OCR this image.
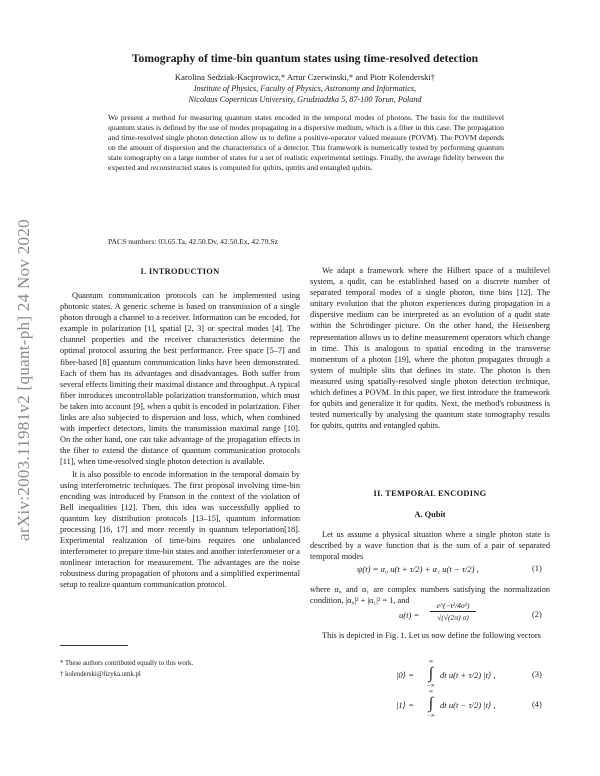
arXiv:2003.11981v2 [quant-ph] 24 Nov 2020
Tomography of time-bin quantum states using time-resolved detection
Karolina Sedziak-Kacprowicz,* Artur Czerwinski,* and Piotr Kolenderski†
Institute of Physics, Faculty of Physics, Astronomy and Informatics,
Nicolaus Copernicus University, Grudziadzka 5, 87-100 Torun, Poland

We present a method for measuring quantum states encoded in the temporal modes of photons. The basis for the multilevel quantum states is defined by the use of modes propagating in a dispersive medium, which is a fiber in this case. The propagation and time-resolved single photon detection allow us to define a positive-operator valued measure (POVM). The POVM depends on the amount of dispersion and the characteristics of a detector. This framework is numerically tested by performing quantum state tomography on a large number of states for a set of realistic experimental settings. Finally, the average fidelity between the expected and reconstructed states is computed for qubits, qutrits and entangled qubits.

PACS numbers: 03.65.Ta, 42.50.Dv, 42.50.Ex, 42.79.Sz
I. INTRODUCTION

Quantum communication protocols can be implemented using photonic states. A generic scheme is based on transmission of a single photon through a channel to a receiver. Information can be encoded, for example in polarization [1], spatial [2, 3] or spectral modes [4]. The channel properties and the receiver characteristics determine the optimal protocol assuring the best performance. Free space [5–7] and fiber-based [8] quantum communication links have been demonstrated. Each of them has its advantages and disadvantages. Both suffer from several effects limiting their maximal distance and throughput. A typical fiber introduces uncontrollable polarization transformation, which must be taken into account [9], when a qubit is encoded in polarization. Fiber links are also subjected to dispersion and loss, which, when combined with imperfect detectors, limits the transmission maximal range [10]. On the other hand, one can take advantage of the propagation effects in the fiber to extend the distance of quantum communication protocols [11], when time-resolved single photon detection is available.

It is also possible to encode information in the temporal domain by using interferometric techniques. The first proposal involving time-bin encoding was introduced by Franson in the context of the violation of Bell inequalities [12]. Then, this idea was successfully applied to quantum key distribution protocols [13–15], quantum information processing [16, 17] and more recently in quantum teleportation[18]. Experimental realization of time-bins requires one unbalanced interferometer to prepare time-bin states and another interferometer or a nonlinear interaction for measurement. The advantages are the noise robustness during propagation of photons and a simplified experimental setup to realize quantum communication protocol.

* These authors contributed equally to this work.
† kolenderski@fizyka.umk.pl

We adapt a framework where the Hilbert space of a multilevel system, a qudit, can be established based on a discrete number of separated temporal modes of a single photon, time bins [12]. The unitary evolution that the photon experiences during propagation in a dispersive medium can be interpreted as an evolution of a qudit state within the Schrödinger picture. On the other hand, the Heisenberg representation allows us to define measurement operators which change in time. This is analogous to spatial encoding in the transverse momentum of a photon [19], where the photon propagates through a system of multiple slits that defines its state. The photon is then measured using spatially-resolved single photon detection technique, which defines a POVM. In this paper, we first introduce the framework for qubits and generalize it for qudits. Next, the method's robustness is tested numerically by analysing the quantum state tomography results for qubits, qutrits and entangled qubits.

II. TEMPORAL ENCODING
A. Qubit

Let us assume a physical situation where a single photon state is described by a wave function that is the sum of a pair of separated temporal modes

ψ(t) = α₀ u(t + τ/2) + α₁ u(t − τ/2) ,	(1)

where α₀ and α₁ are complex numbers satisfying the normalization condition, |α₀|² + |α₁|² = 1, and

u(t) =
e^(−t²/4σ²)
√(√(2π) σ)	(2)

This is depicted in Fig. 1. Let us now define the following vectors

|0⟩ =
∞
∫
−∞
dt u(t + τ/2) |t⟩ ,	(3)
|1⟩ =
∞
∫
−∞
dt u(t − τ/2) |t⟩ ,	(4)
